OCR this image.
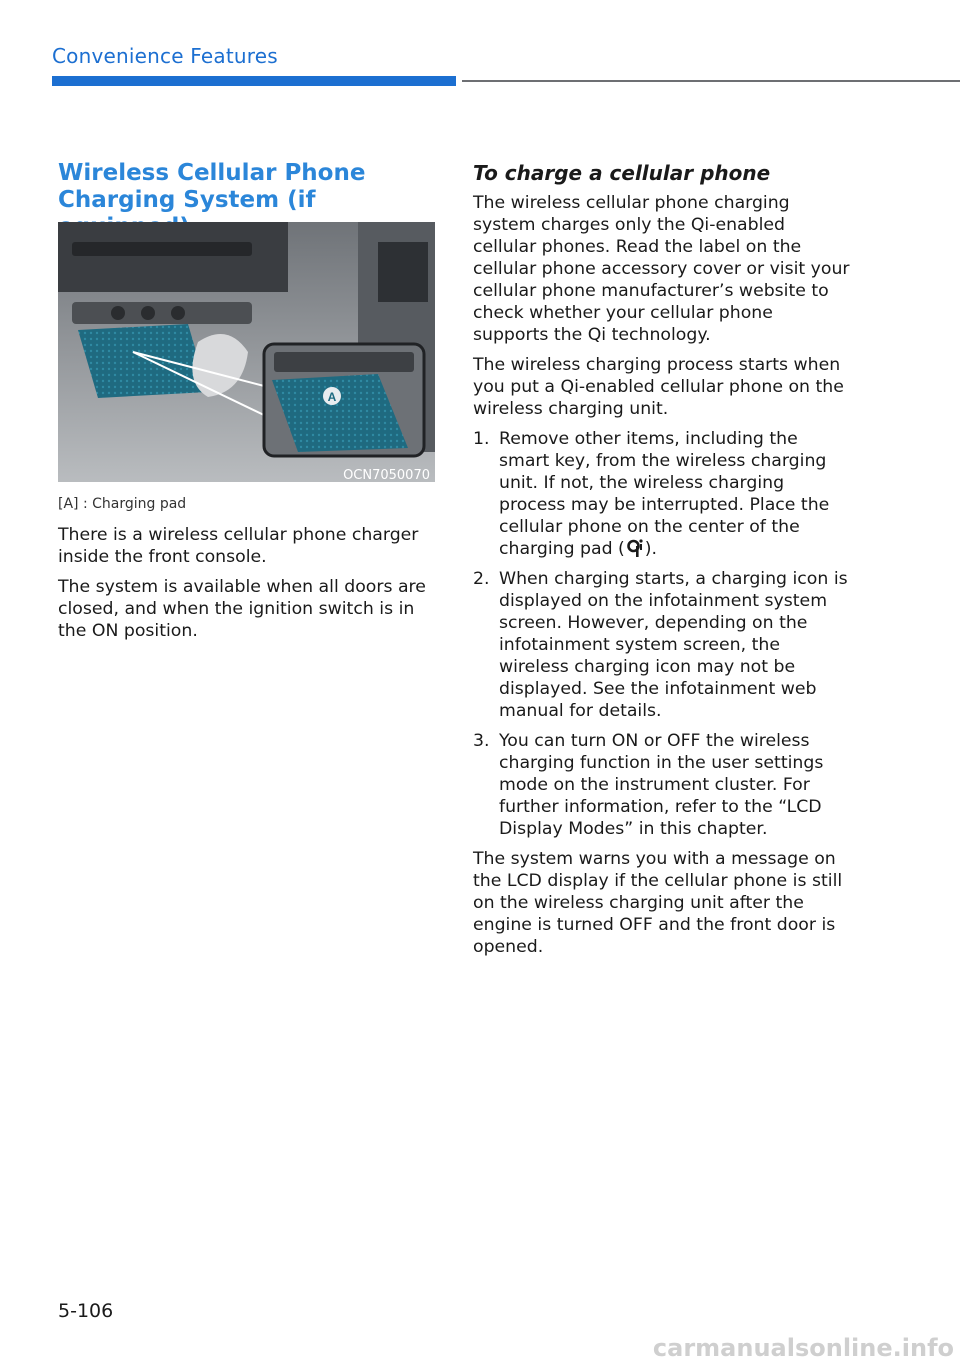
Convenience Features
Wireless Cellular Phone Charging System (if
A
OCN7050070
[A] : Charging pad

There is a wireless cellular phone charger inside the front console.

The system is available when all doors are closed, and when the ignition switch is in the ON position.

To charge a cellular phone

The wireless cellular phone charging system charges only the Qi-enabled cellular phones. Read the label on the cellular phone accessory cover or visit your cellular phone manufacturer’s website to check whether your cellular phone supports the Qi technology.

The wireless charging process starts when you put a Qi-enabled cellular phone on the wireless charging unit.

1. Remove other items, including the smart key, from the wireless charging unit. If not, the wireless charging process may be interrupted. Place the cellular phone on the center of the charging pad ( ).
2. When charging starts, a charging icon is displayed on the infotainment system screen. However, depending on the infotainment system screen, the wireless charging icon may not be displayed. See the infotainment web manual for details.
3. You can turn ON or OFF the wireless charging function in the user settings mode on the instrument cluster. For further information, refer to the “LCD Display Modes” in this chapter.

The system warns you with a message on the LCD display if the cellular phone is still on the wireless charging unit after the engine is turned OFF and the front door is opened.

5-106
carmanualsonline.info
